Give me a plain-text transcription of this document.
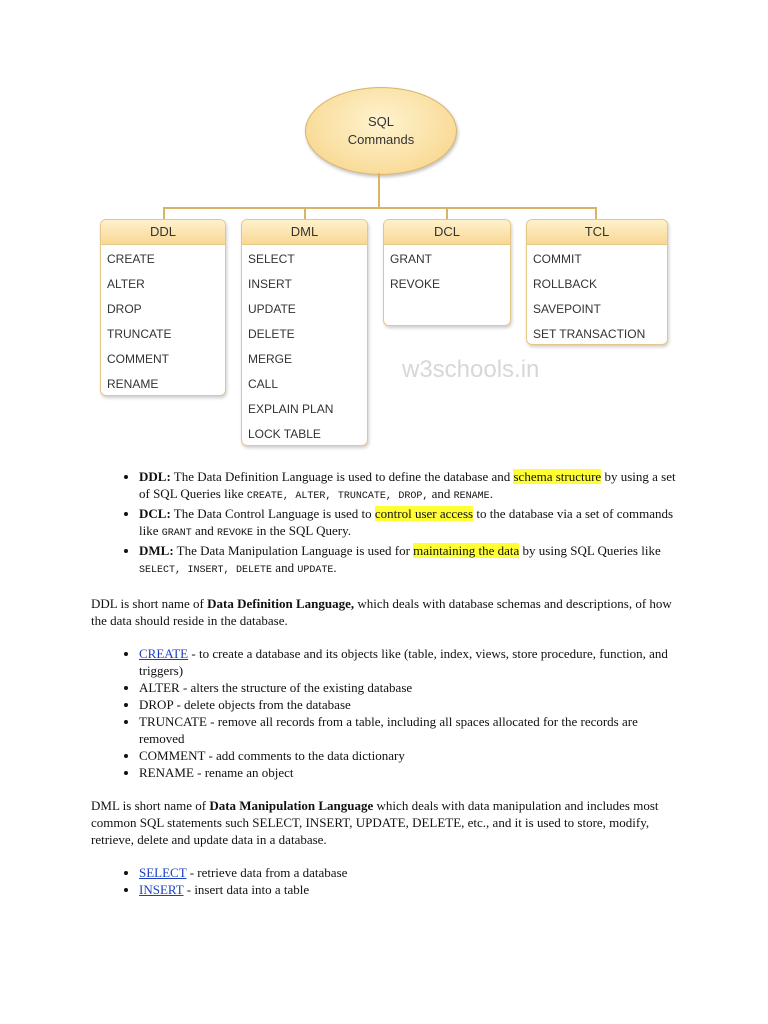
SQL Commands
DDL
CREATE
ALTER
DROP
TRUNCATE
COMMENT
RENAME
DML
SELECT
INSERT
UPDATE
DELETE
MERGE
CALL
EXPLAIN PLAN
LOCK TABLE
DCL
GRANT
REVOKE
TCL
COMMIT
ROLLBACK
SAVEPOINT
SET TRANSACTION
w3schools.in
• DDL: The Data Definition Language is used to define the database and schema structure by using a set of SQL Queries like CREATE, ALTER, TRUNCATE, DROP, and RENAME.
• DCL: The Data Control Language is used to control user access to the database via a set of commands like GRANT and REVOKE in the SQL Query.
• DML: The Data Manipulation Language is used for maintaining the data by using SQL Queries like SELECT, INSERT, DELETE and UPDATE.

DDL is short name of Data Definition Language, which deals with database schemas and descriptions, of how the data should reside in the database.

• CREATE - to create a database and its objects like (table, index, views, store procedure, function, and triggers)
• ALTER - alters the structure of the existing database
• DROP - delete objects from the database
• TRUNCATE - remove all records from a table, including all spaces allocated for the records are removed
• COMMENT - add comments to the data dictionary
• RENAME - rename an object

DML is short name of Data Manipulation Language which deals with data manipulation and includes most common SQL statements such SELECT, INSERT, UPDATE, DELETE, etc., and it is used to store, modify, retrieve, delete and update data in a database.

• SELECT - retrieve data from a database
• INSERT - insert data into a table
